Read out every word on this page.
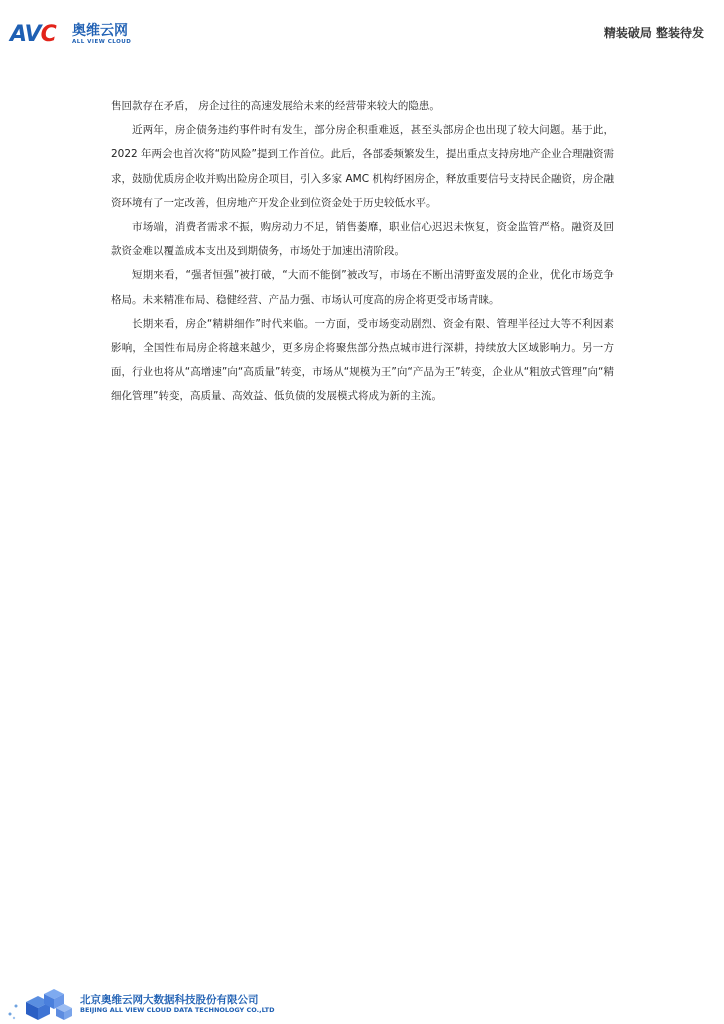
AVC 奥维云网
ALL VIEW CLOUD
精装破局 整装待发

售回款存在矛盾， 房企过往的高速发展给未来的经营带来较大的隐患。

近两年，房企债务违约事件时有发生，部分房企积重难返，甚至头部房企也出现了较大问题。基于此，2022 年两会也首次将“防风险”提到工作首位。此后，各部委频繁发生，提出重点支持房地产企业合理融资需求，鼓励优质房企收并购出险房企项目，引入多家 AMC 机构纾困房企，释放重要信号支持民企融资，房企融资环境有了一定改善，但房地产开发企业到位资金处于历史较低水平。

市场端，消费者需求不振，购房动力不足，销售萎靡，职业信心迟迟未恢复，资金监管严格。融资及回款资金难以覆盖成本支出及到期债务，市场处于加速出清阶段。

短期来看，“强者恒强”被打破，“大而不能倒”被改写，市场在不断出清野蛮发展的企业，优化市场竞争格局。未来精准布局、稳健经营、产品力强、市场认可度高的房企将更受市场青睐。

长期来看，房企“精耕细作”时代来临。一方面，受市场变动剧烈、资金有限、管理半径过大等不利因素影响，全国性布局房企将越来越少，更多房企将聚焦部分热点城市进行深耕，持续放大区域影响力。另一方面，行业也将从“高增速”向“高质量”转变，市场从“规模为王”向“产品为王”转变，企业从“粗放式管理”向“精细化管理”转变，高质量、高效益、低负债的发展模式将成为新的主流。

北京奥维云网大数据科技股份有限公司
BEIJING ALL VIEW CLOUD DATA TECHNOLOGY CO.,LTD
